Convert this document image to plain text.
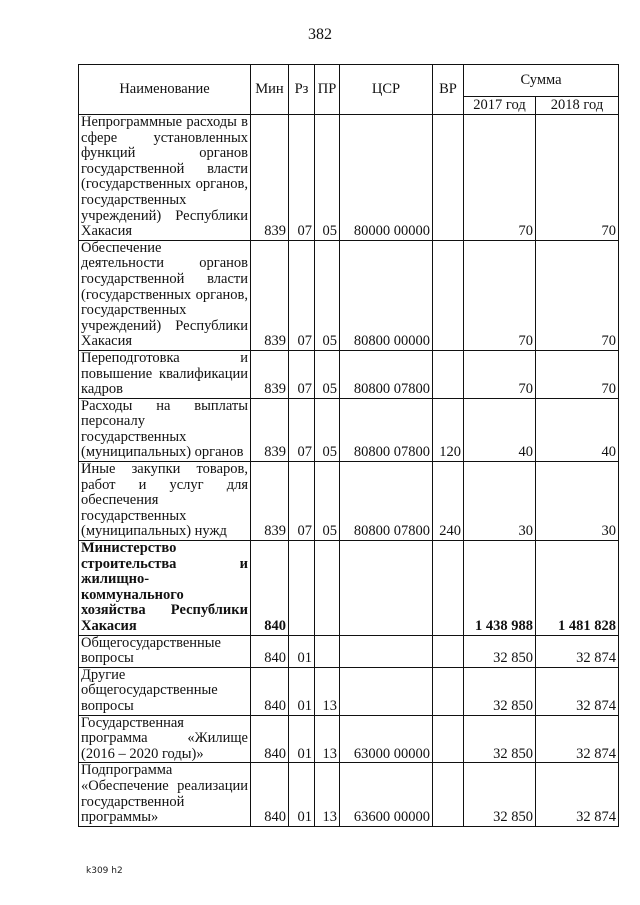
382
Наименование	Мин	Рз	ПР	ЦСР	ВР	Сумма	
						2017 год	2018 год
Непрограммные расходы в сфере установленных функций органов государственной власти (государственных органов, государственных учреждений) Республики Хакасия	839	07	05	80000 00000		70	70
Обеспечение деятельности органов государственной власти (государственных органов, государственных учреждений) Республики Хакасия	839	07	05	80800 00000		70	70
Переподготовка и повышение квалификации кадров	839	07	05	80800 07800		70	70
Расходы на выплаты персоналу государственных (муниципальных) органов	839	07	05	80800 07800	120	40	40
Иные закупки товаров, работ и услуг для обеспечения государственных (муниципальных) нужд	839	07	05	80800 07800	240	30	30
Министерство строительства и жилищно-коммунального хозяйства Республики Хакасия	840					1 438 988	1 481 828
Общегосударственные вопросы	840	01				32 850	32 874
Другие общегосударственные вопросы	840	01	13			32 850	32 874
Государственная программа «Жилище (2016 – 2020 годы)»	840	01	13	63000 00000		32 850	32 874
Подпрограмма «Обеспечение реализации государственной программы»	840	01	13	63600 00000		32 850	32 874
k309 h2
